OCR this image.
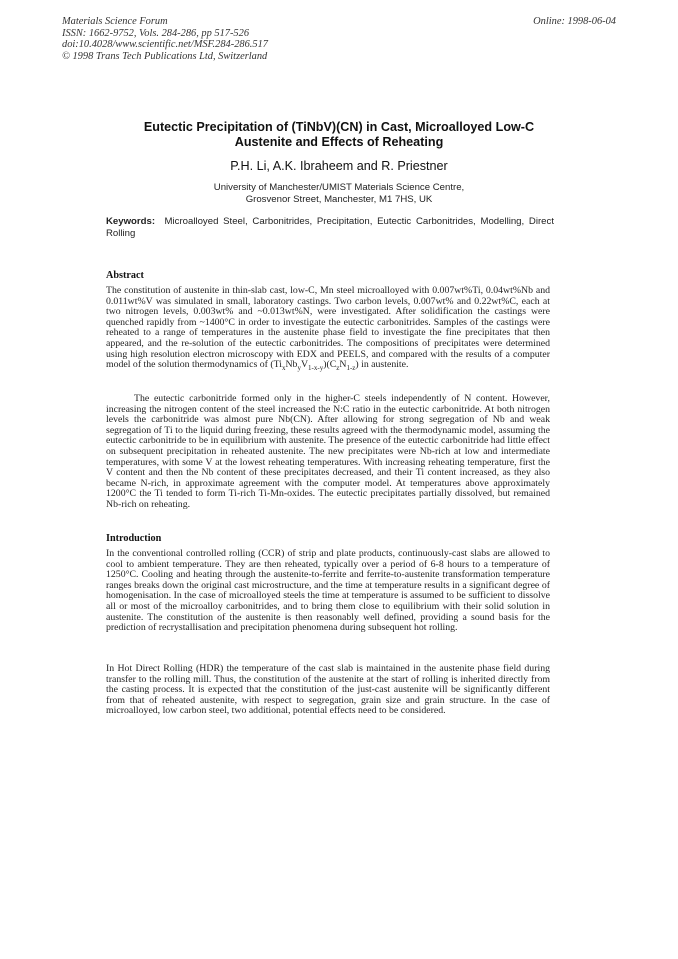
Materials Science Forum
ISSN: 1662-9752, Vols. 284-286, pp 517-526
doi:10.4028/www.scientific.net/MSF.284-286.517
© 1998 Trans Tech Publications Ltd, Switzerland
Online: 1998-06-04
Eutectic Precipitation of (TiNbV)(CN) in Cast, Microalloyed Low-C
Austenite and Effects of Reheating
P.H. Li, A.K. Ibraheem and R. Priestner
University of Manchester/UMIST Materials Science Centre,
Grosvenor Street, Manchester, M1 7HS, UK
Keywords: Microalloyed Steel, Carbonitrides, Precipitation, Eutectic Carbonitrides, Modelling, Direct Rolling
Abstract

The constitution of austenite in thin-slab cast, low-C, Mn steel microalloyed with 0.007wt%Ti, 0.04wt%Nb and 0.011wt%V was simulated in small, laboratory castings. Two carbon levels, 0.007wt% and 0.22wt%C, each at two nitrogen levels, 0.003wt% and ~0.013wt%N, were investigated. After solidification the castings were quenched rapidly from ~1400°C in order to investigate the eutectic carbonitrides. Samples of the castings were reheated to a range of temperatures in the austenite phase field to investigate the fine precipitates that then appeared, and the re-solution of the eutectic carbonitrides. The compositions of precipitates were determined using high resolution electron microscopy with EDX and PEELS, and compared with the results of a computer model of the solution thermodynamics of $(Ti_xNb_yV_{1-x-y})(C_zN_{1-z})$ in austenite.

The eutectic carbonitride formed only in the higher-C steels independently of N content. However, increasing the nitrogen content of the steel increased the N:C ratio in the eutectic carbonitride. At both nitrogen levels the carbonitride was almost pure Nb(CN). After allowing for strong segregation of Nb and weak segregation of Ti to the liquid during freezing, these results agreed with the thermodynamic model, assuming the eutectic carbonitride to be in equilibrium with austenite. The presence of the eutectic carbonitride had little effect on subsequent precipitation in reheated austenite. The new precipitates were Nb-rich at low and intermediate temperatures, with some V at the lowest reheating temperatures. With increasing reheating temperature, first the V content and then the Nb content of these precipitates decreased, and their Ti content increased, as they also became N-rich, in approximate agreement with the computer model. At temperatures above approximately 1200°C the Ti tended to form Ti-rich Ti-Mn-oxides. The eutectic precipitates partially dissolved, but remained Nb-rich on reheating.

Introduction

In the conventional controlled rolling (CCR) of strip and plate products, continuously-cast slabs are allowed to cool to ambient temperature. They are then reheated, typically over a period of 6-8 hours to a temperature of 1250°C. Cooling and heating through the austenite-to-ferrite and ferrite-to-austenite transformation temperature ranges breaks down the original cast microstructure, and the time at temperature results in a significant degree of homogenisation. In the case of microalloyed steels the time at temperature is assumed to be sufficient to dissolve all or most of the microalloy carbonitrides, and to bring them close to equilibrium with their solid solution in austenite. The constitution of the austenite is then reasonably well defined, providing a sound basis for the prediction of recrystallisation and precipitation phenomena during subsequent hot rolling.

In Hot Direct Rolling (HDR) the temperature of the cast slab is maintained in the austenite phase field during transfer to the rolling mill. Thus, the constitution of the austenite at the start of rolling is inherited directly from the casting process. It is expected that the constitution of the just-cast austenite will be significantly different from that of reheated austenite, with respect to segregation, grain size and grain structure. In the case of microalloyed, low carbon steel, two additional, potential effects need to be considered.
